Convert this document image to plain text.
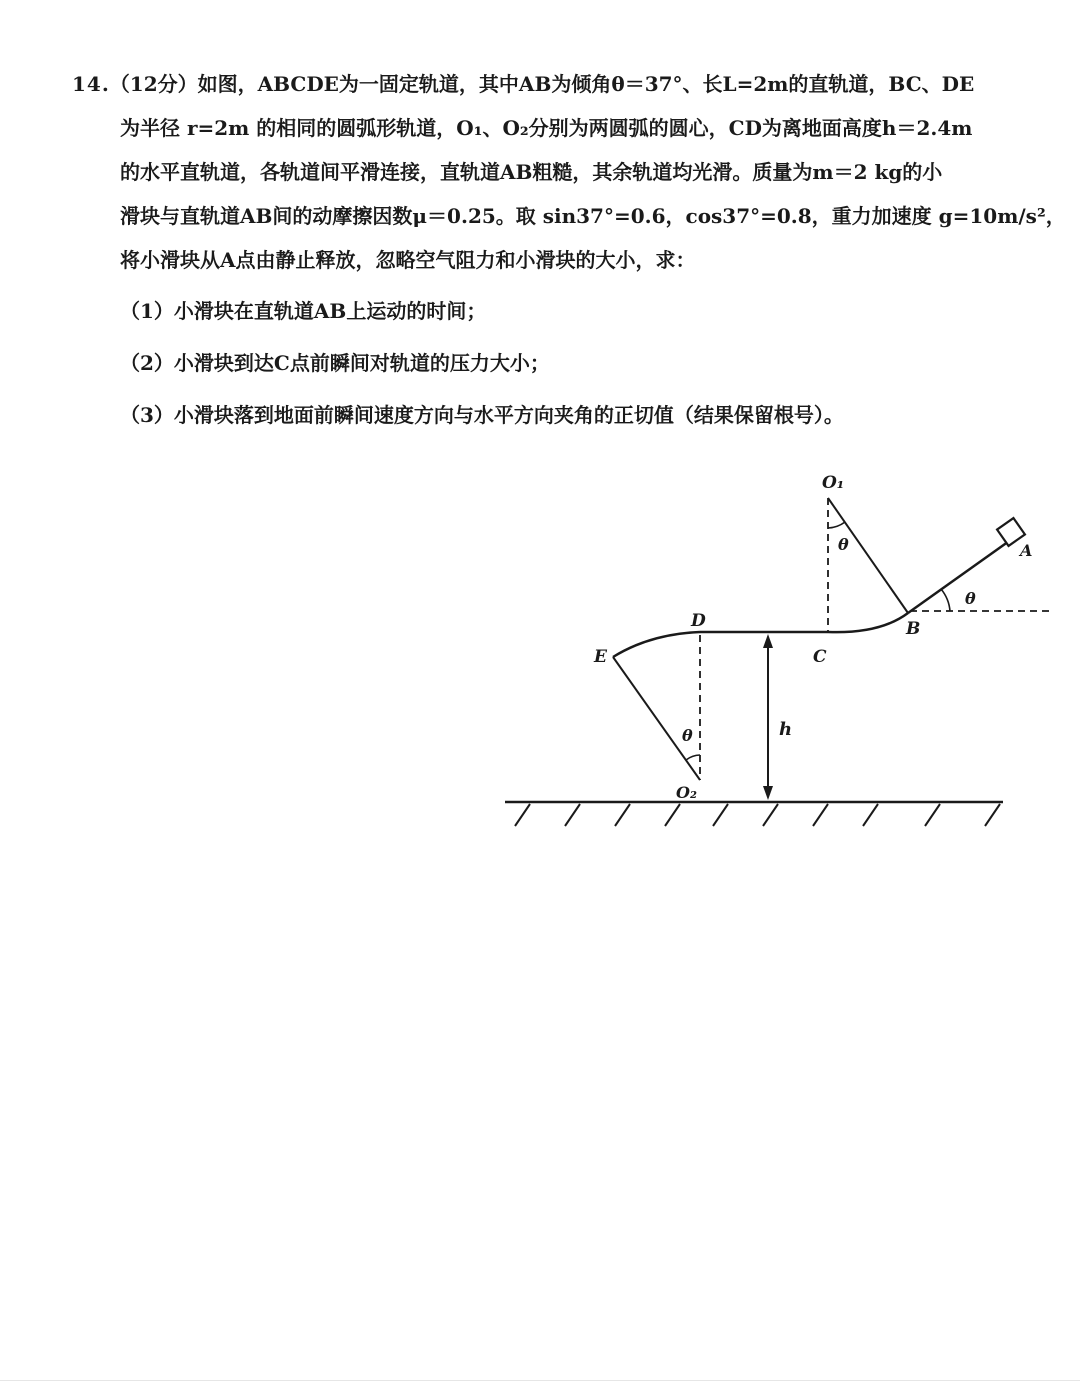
14.（12分）如图，ABCDE为一固定轨道，其中AB为倾角θ＝37°、长L=2m的直轨道，BC、DE
为半径 r=2m 的相同的圆弧形轨道，O₁、O₂分别为两圆弧的圆心，CD为离地面高度h＝2.4m
的水平直轨道，各轨道间平滑连接，直轨道AB粗糙，其余轨道均光滑。质量为m＝2 kg的小
滑块与直轨道AB间的动摩擦因数μ＝0.25。取 sin37°=0.6，cos37°=0.8，重力加速度 g=10m/s²，
将小滑块从A点由静止释放，忽略空气阻力和小滑块的大小，求：
（1）小滑块在直轨道AB上运动的时间；
（2）小滑块到达C点前瞬间对轨道的压力大小；
（3）小滑块落到地面前瞬间速度方向与水平方向夹角的正切值（结果保留根号）。
O₁
A
B
C
D
E
O₂
θ
θ
θ	h
